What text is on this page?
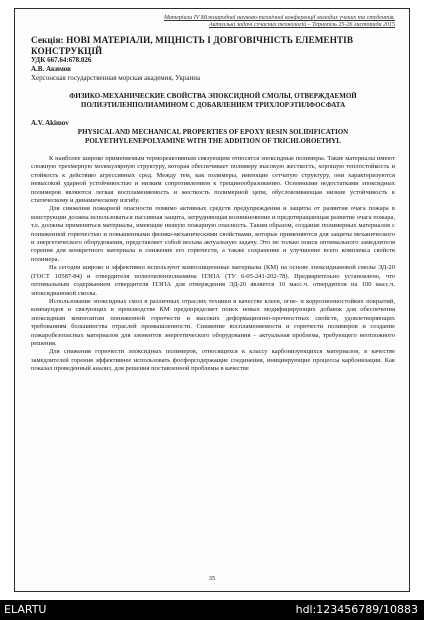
Матеріали IV Міжнародної науково-технічної конференції молодих учених та студентів.
Актуальні задачі сучасних технологій – Тернопіль 25-26 листопада 2015
Секція: НОВІ МАТЕРІАЛИ, МІЦНІСТЬ І ДОВГОВІЧНІСТЬ ЕЛЕМЕНТІВ КОНСТРУКЦІЙ
УДК 667.64:678.026
А.В. Акимов
Херсонская государственная морская академия, Украина
ФИЗИКО-МЕХАНИЧЕСКИЕ СВОЙСТВА ЭПОКСИДНОЙ СМОЛЫ, ОТВЕРЖДАЕМОЙ ПОЛИЭТИЛЕНПОЛИАМИНОМ С ДОБАВЛЕНИЕМ ТРИХЛОРЭТИЛФОСФАТА
A.V. Akimov
PHYSICAL AND MECHANICAL PROPERTIES OF EPOXY RESIN SOLIDIFICATION POLYETHYLENEPOLYAMINE WITH THE ADDITION OF TRICHLOROETHYL

К наиболее широко применяемым термореактивным связующим относятся эпоксидные полимеры. Такие материалы имеют сложную трехмерную молекулярную структуру, которая обеспечивает полимеру высокую жесткость, хорошую теплостойкость и стойкость к действию агрессивных сред. Между тем, как полимеры, имеющие сетчатую структуру, они характеризуются невысокой ударной устойчивостью и низким сопротивлением к трещинообразованию. Основными недостатками эпоксидных полимеров являются легкая воспламеняемость и жесткость полимерной цепи, обусловливающая низкие устойчивость к статическому и динамическому изгибу.

Для снижения пожарной опасности помимо активных средств предупреждения и защиты от развития очага пожара в конструкции должна использоваться пассивная защита, затрудняющая возникновение и предотвращающая развитие очага пожара, т.е. должны применяться материалы, имеющие низкую пожарную опасность. Таким образом, создание полимерных материалов с пониженной горючестью и повышенными физико-механическими свойствами, которые применяются для защиты механического и энергетического оборудования, представляет собой весьма актуальную задачу. Это не только поиск оптимального замедлителя горения для конкретного материала и снижение его горючести, а также сохранение и улучшение всего комплекса свойств полимера.

На сегодня широко и эффективно используют композиционные материалы (КМ) на основе эпоксидиановой смолы ЭД-20 (ГОСТ 10587-84) и отвердителя полиэтиленполиамина ПЭПА (ТУ 6-05-241-202-78). Предварительно установлено, что оптимальным содержанием отвердителя ПЭПА для отверждения ЭД-20 является 10 масс.ч. отвердителя на 100 масс.ч. эпоксидиановой смолы.

Использование эпоксидных смол в различных отраслях техники в качестве клеев, огне- и коррозионностойких покрытий, компаундов и связующих в производстве КМ предопределяет поиск новых модифицирующих добавок для обеспечения эпоксидным композитам пониженной горючести и высоких деформационно-прочностных свойств, удовлетворяющих требованиям большинства отраслей промышленности. Снижение воспламеняемости и горючести полимеров и создание пожаробезопасных материалов для элементов энергетического оборудования – актуальная проблема, требующего неотложного решения.

Для снижения горючести эпоксидных полимеров, относящихся к классу карбонизующихся материалов, в качестве замедлителей горения эффективнее использовать фосфорсодержащие соединения, инициирующие процессы карбонизации. Как показал проведенный анализ, для решения поставленной проблемы в качестве

35
ELARTU	hdl:123456789/10883
